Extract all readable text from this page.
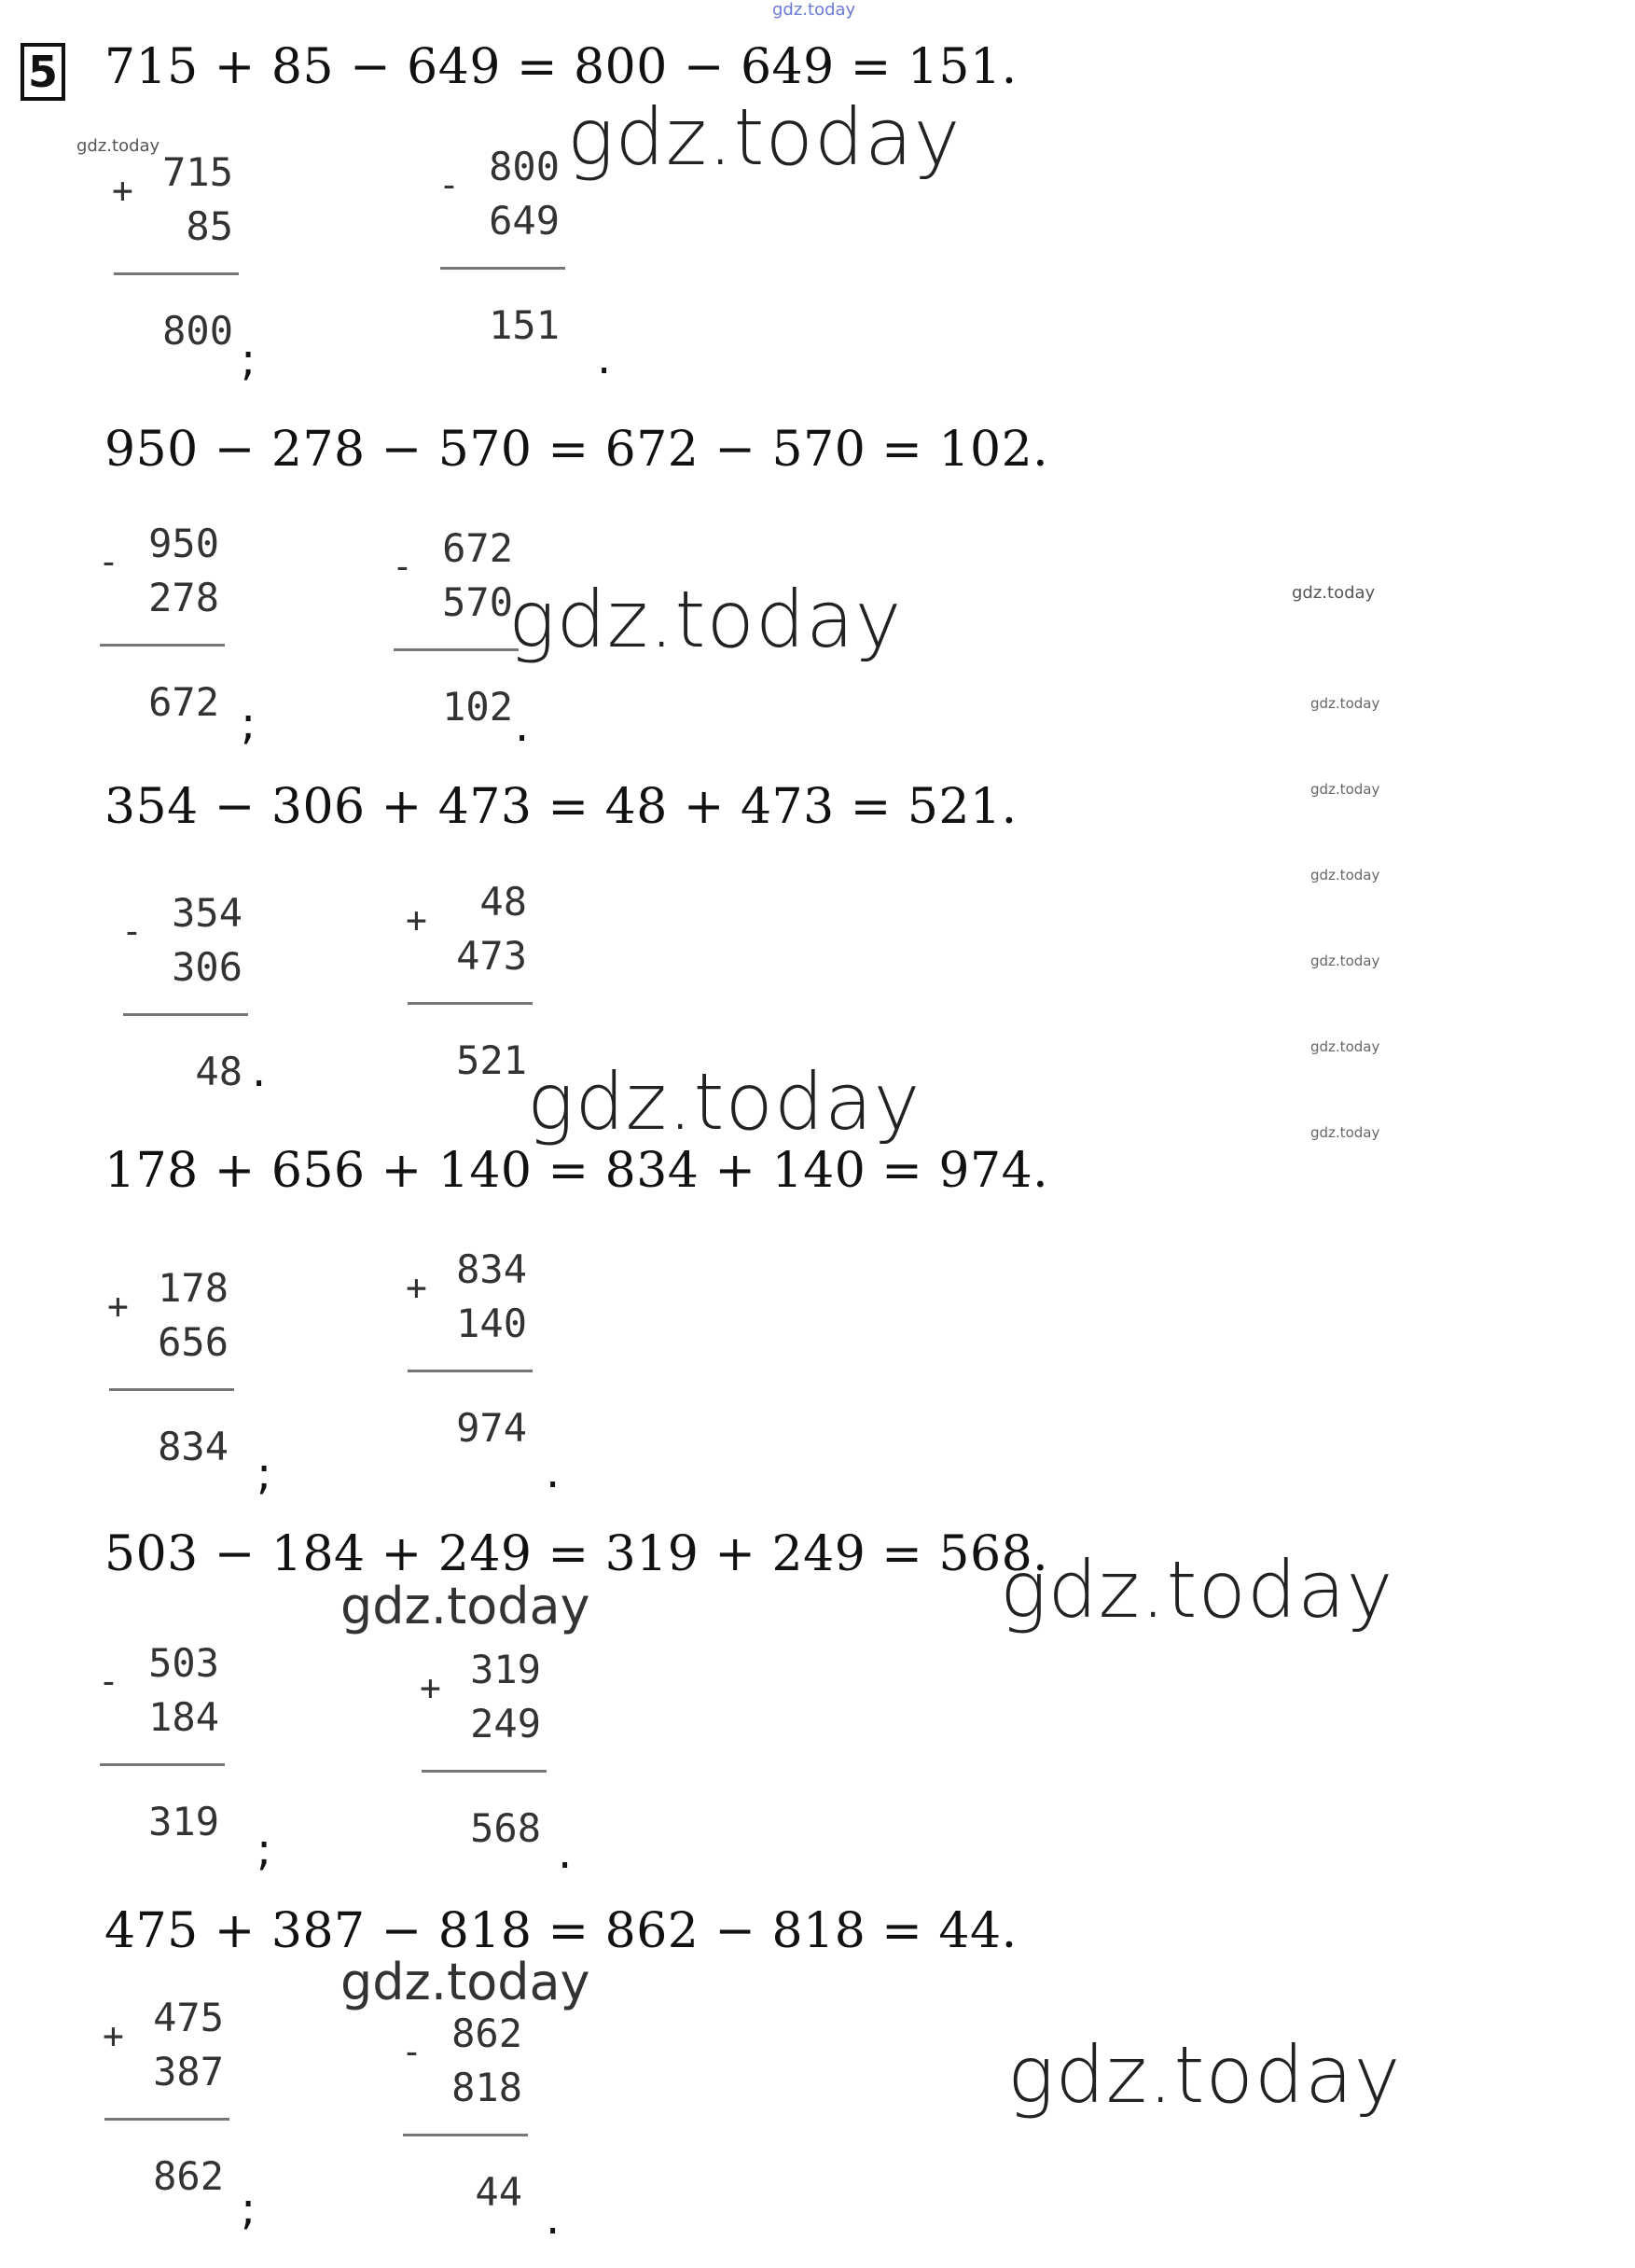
5 715 + 85 − 649 = 800 − 649 = 151.
+ 715
85
800
;
- 800
649
151
.
950 − 278 − 570 = 672 − 570 = 102.
- 950
278
672 ;
- 672
570
102 .
354 − 306 + 473 = 48 + 473 = 521.
- 354
306
48 .
+ 48
473
521
178 + 656 + 140 = 834 + 140 = 974.
+ 178
656
834
;
+ 834
140
974
.
503 − 184 + 249 = 319 + 249 = 568.
- 503
184
319
;
+ 319
249
568 .
475 + 387 − 818 = 862 − 818 = 44.
+ 475
387
862
;
- 862
818
44
.
gdz.today
gdz.today	gdz.today
gdz.today	gdz.today
gdz.today
gdz.today
gdz.today
gdz.today
gdz.today
gdz.today
gdz.today
gdz.today	gdz.today
gdz.today
gdz.today
